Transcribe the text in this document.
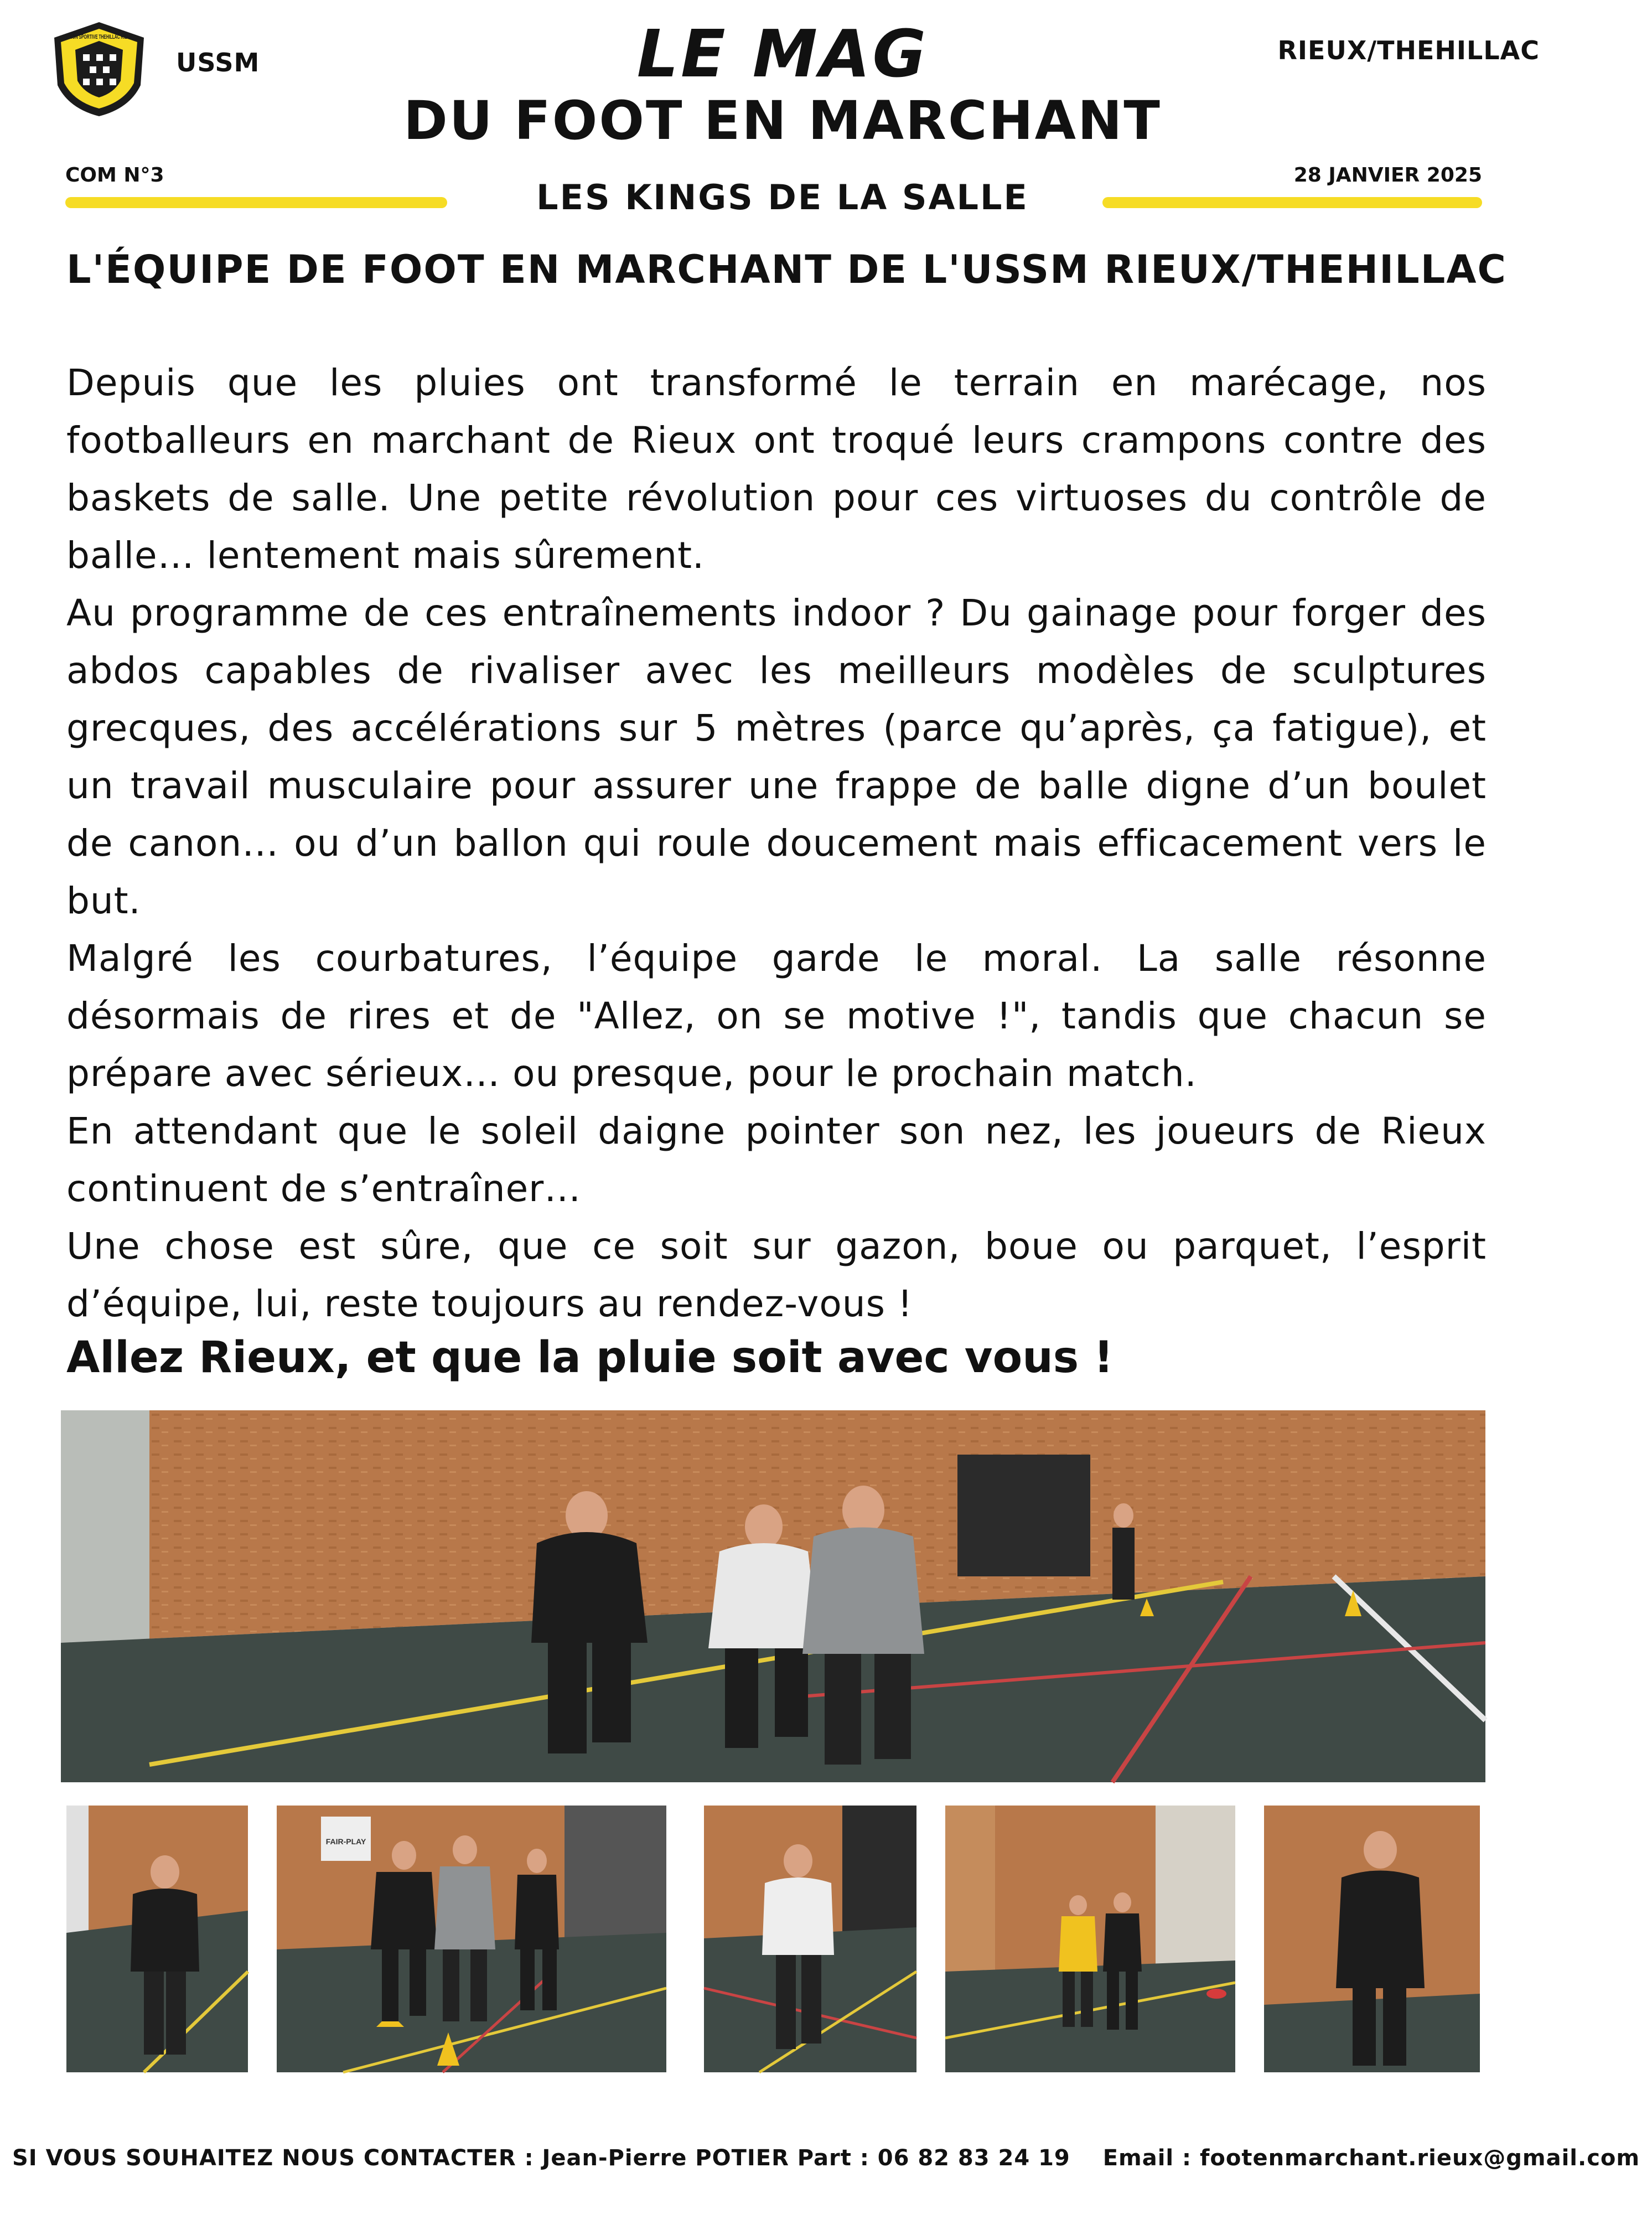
UNION SPORTIVE THEHILLAC RIEUX
USSM	LE MAG
DU FOOT EN MARCHANT
RIEUX/THEHILLAC
COM N°3	28 JANVIER 2025
LES KINGS DE LA SALLE
L'ÉQUIPE DE FOOT EN MARCHANT DE L'USSM RIEUX/THEHILLAC

Depuis que les pluies ont transformé le terrain en marécage, nos footballeurs en marchant de Rieux ont troqué leurs crampons contre des baskets de salle. Une petite révolution pour ces virtuoses du contrôle de balle… lentement mais sûrement.

Au programme de ces entraînements indoor ? Du gainage pour forger des abdos capables de rivaliser avec les meilleurs modèles de sculptures grecques, des accélérations sur 5 mètres (parce qu’après, ça fatigue), et un travail musculaire pour assurer une frappe de balle digne d’un boulet de canon… ou d’un ballon qui roule doucement mais efficacement vers le but.

Malgré les courbatures, l’équipe garde le moral. La salle résonne désormais de rires et de "Allez, on se motive !", tandis que chacun se prépare avec sérieux… ou presque, pour le prochain match.

En attendant que le soleil daigne pointer son nez, les joueurs de Rieux continuent de s’entraîner…

Une chose est sûre, que ce soit sur gazon, boue ou parquet, l’esprit d’équipe, lui, reste toujours au rendez-vous !

Allez Rieux, et que la pluie soit avec vous !
FAIR-PLAY
SI VOUS SOUHAITEZ NOUS CONTACTER : Jean-Pierre POTIER Part : 06 82 83 24 19 Email : footenmarchant.rieux@gmail.com
